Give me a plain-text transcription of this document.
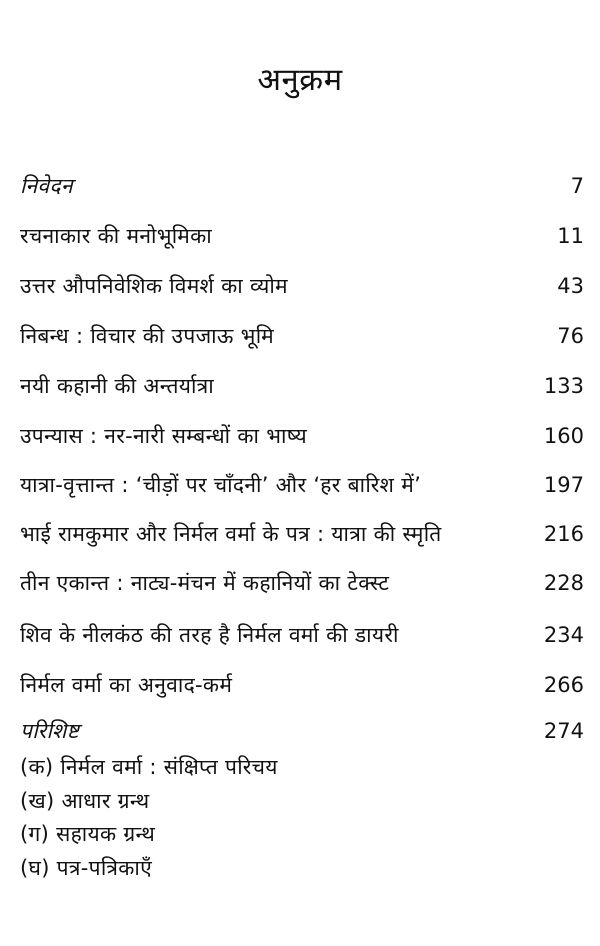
अनुक्रम
निवेदन	7
रचनाकार की मनोभूमिका	11
उत्तर औपनिवेशिक विमर्श का व्योम	43
निबन्ध : विचार की उपजाऊ भूमि	76
नयी कहानी की अन्तर्यात्रा	133
उपन्यास : नर-नारी सम्बन्धों का भाष्य	160
यात्रा-वृत्तान्त : ‘चीड़ों पर चाँदनी’ और ‘हर बारिश में’	197
भाई रामकुमार और निर्मल वर्मा के पत्र : यात्रा की स्मृति	216
तीन एकान्त : नाट्य-मंचन में कहानियों का टेक्स्ट	228
शिव के नीलकंठ की तरह है निर्मल वर्मा की डायरी	234
निर्मल वर्मा का अनुवाद-कर्म	266
परिशिष्ट	274
(क) निर्मल वर्मा : संक्षिप्त परिचय
(ख) आधार ग्रन्थ
(ग) सहायक ग्रन्थ
(घ) पत्र-पत्रिकाएँ
